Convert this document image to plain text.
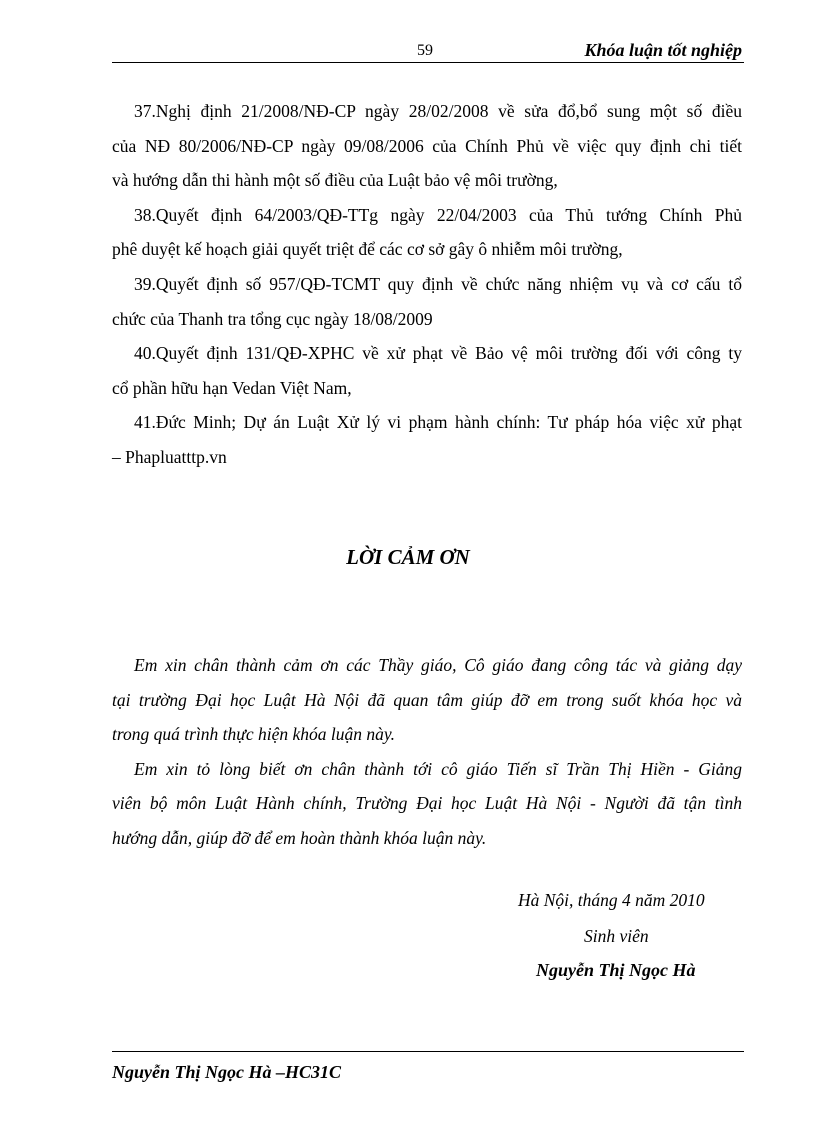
59	Khóa luận tốt nghiệp
37.Nghị định 21/2008/NĐ-CP ngày 28/02/2008 về sửa đổ,bổ sung một số điều
của NĐ 80/2006/NĐ-CP ngày 09/08/2006 của Chính Phủ về việc quy định chi tiết
và hướng dẫn thi hành một số điều của Luật bảo vệ môi trường,
38.Quyết định 64/2003/QĐ-TTg ngày 22/04/2003 của Thủ tướng Chính Phủ
phê duyệt kế hoạch giải quyết triệt để các cơ sở gây ô nhiễm môi trường,
39.Quyết định số 957/QĐ-TCMT quy định về chức năng nhiệm vụ và cơ cấu tổ
chức của Thanh tra tổng cục ngày 18/08/2009
40.Quyết định 131/QĐ-XPHC về xử phạt về Bảo vệ môi trường đối với công ty
cổ phần hữu hạn Vedan Việt Nam,
41.Đức Minh; Dự án Luật Xử lý vi phạm hành chính: Tư pháp hóa việc xử phạt
– Phapluatttp.vn
LỜI CẢM ƠN
Em xin chân thành cảm ơn các Thầy giáo, Cô giáo đang công tác và giảng dạy
tại trường Đại học Luật Hà Nội đã quan tâm giúp đỡ em trong suốt khóa học và
trong quá trình thực hiện khóa luận này.
Em xin tỏ lòng biết ơn chân thành tới cô giáo Tiến sĩ Trần Thị Hiền - Giảng
viên bộ môn Luật Hành chính, Trường Đại học Luật Hà Nội - Người đã tận tình
hướng dẫn, giúp đỡ để em hoàn thành khóa luận này.
Hà Nội, tháng 4 năm 2010
Sinh viên
Nguyễn Thị Ngọc Hà
Nguyễn Thị Ngọc Hà –HC31C
